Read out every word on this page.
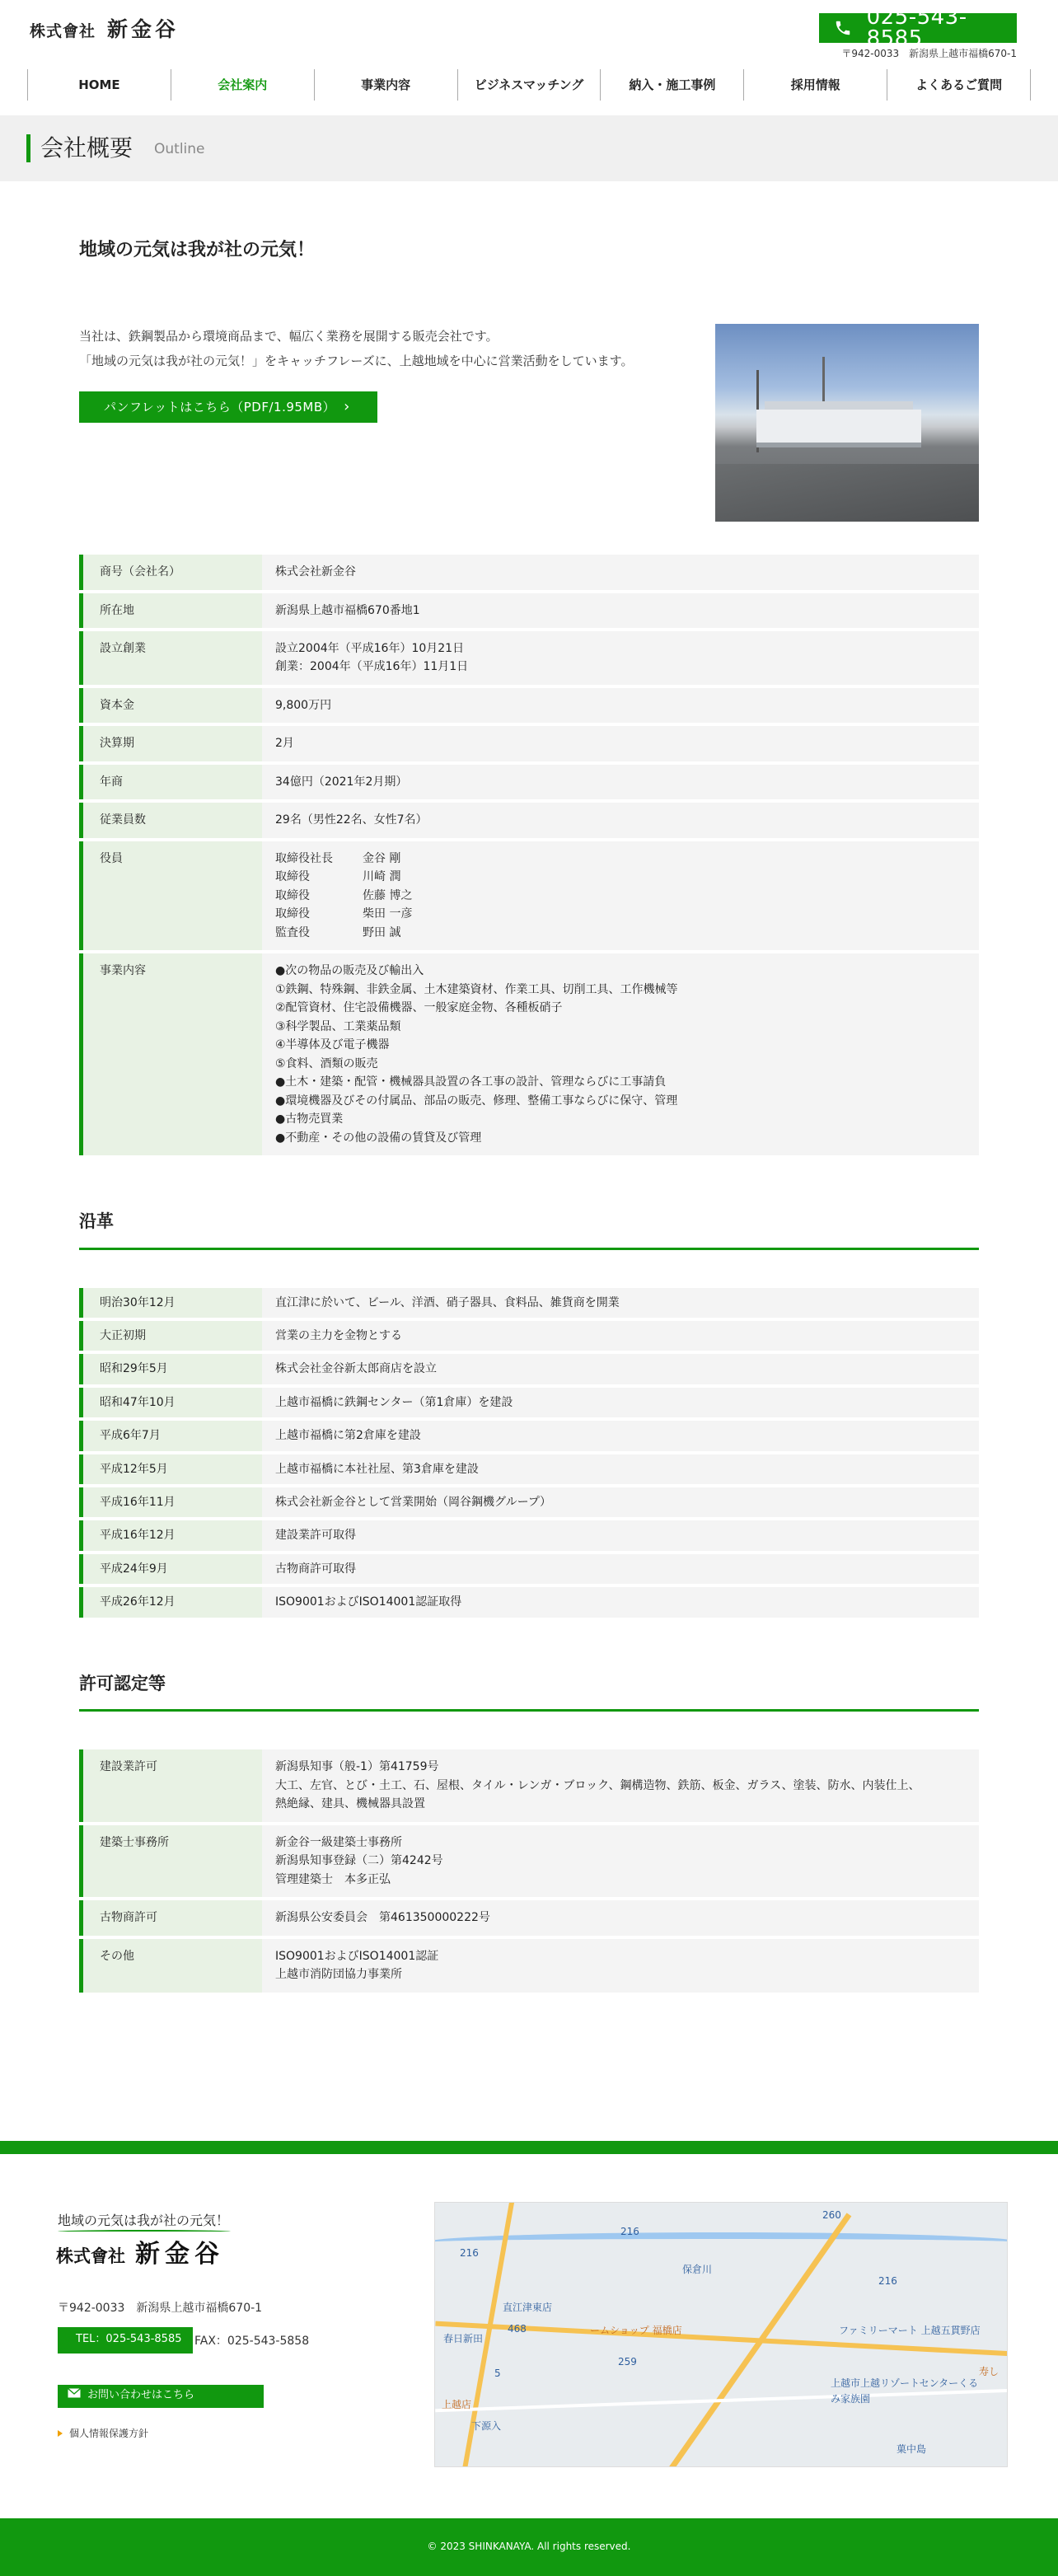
株式會社 新金谷	025-543-8585
〒942-0033　新潟県上越市福橋670-1
HOME	会社案内	事業内容	ビジネスマッチング	納入・施工事例	採用情報	よくあるご質問
会社概要 Outline
地域の元気は我が社の元気！

当社は、鉄鋼製品から環境商品まで、幅広く業務を展開する販売会社です。

「地域の元気は我が社の元気！」をキャッチフレーズに、上越地域を中心に営業活動をしています。

パンフレットはこちら（PDF/1.95MB） ›
商号（会社名）	株式会社新金谷
所在地	新潟県上越市福橋670番地1
設立創業	設立2004年（平成16年）10月21日
創業：2004年（平成16年）11月1日
資本金	9,800万円
決算期	2月
年商	34億円（2021年2月期）
従業員数	29名（男性22名、女性7名）
役員	取締役社長	金谷 剛
取締役	川崎 潤
取締役	佐藤 博之
取締役	柴田 一彦
監査役	野田 誠
事業内容	●次の物品の販売及び輸出入
①鉄鋼、特殊鋼、非鉄金属、土木建築資材、作業工具、切削工具、工作機械等
②配管資材、住宅設備機器、一般家庭金物、各種板硝子
③科学製品、工業薬品類
④半導体及び電子機器
⑤食料、酒類の販売
●土木・建築・配管・機械器具設置の各工事の設計、管理ならびに工事請負
●環境機器及びその付属品、部品の販売、修理、整備工事ならびに保守、管理
●古物売買業
●不動産・その他の設備の賃貸及び管理
沿革
明治30年12月	直江津に於いて、ビール、洋酒、硝子器具、食料品、雑貨商を開業
大正初期	営業の主力を金物とする
昭和29年5月	株式会社金谷新太郎商店を設立
昭和47年10月	上越市福橋に鉄鋼センター（第1倉庫）を建設
平成6年7月	上越市福橋に第2倉庫を建設
平成12年5月	上越市福橋に本社社屋、第3倉庫を建設
平成16年11月	株式会社新金谷として営業開始（岡谷鋼機グループ）
平成16年12月	建設業許可取得
平成24年9月	古物商許可取得
平成26年12月	ISO9001およびISO14001認証取得
許可認定等
建設業許可	新潟県知事（般-1）第41759号
大工、左官、とび・土工、石、屋根、タイル・レンガ・ブロック、鋼構造物、鉄筋、板金、ガラス、塗装、防水、内装仕上、
熱絶縁、建具、機械器具設置
建築士事務所	新金谷一級建築士事務所
新潟県知事登録（二）第4242号
管理建築士　本多正弘
古物商許可	新潟県公安委員会　第461350000222号
その他	ISO9001およびISO14001認証
上越市消防団協力事業所
地域の元気は我が社の元気！
株式會社 新金谷
〒942-0033　新潟県上越市福橋670-1
TEL：025-543-8585	FAX：025-543-5858
お問い合わせはこちら
個人情報保護方針
216
216
216
保倉川
260
直江津東店
468
春日新田
ームショップ 福橋店	ファミリーマート 上越五貫野店
259
5
上越店
下源入
上越市上越リゾートセンターくるみ家族園
菓中島
寿し
© 2023 SHINKANAYA. All rights reserved.
